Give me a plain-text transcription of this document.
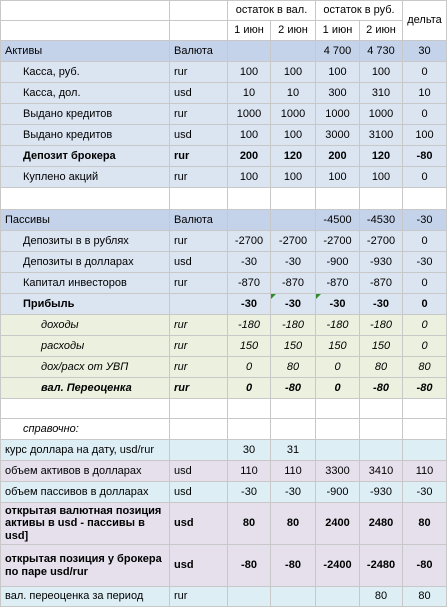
		остаток в вал.		остаток в руб.		дельта
		1 июн	2 июн	1 июн	2 июн	
Активы	Валюта			4 700	4 730	30
Касса, руб.	rur	100	100	100	100	0
Касса, дол.	usd	10	10	300	310	10
Выдано кредитов	rur	1000	1000	1000	1000	0
Выдано кредитов	usd	100	100	3000	3100	100
Депозит брокера	rur	200	120	200	120	-80
Куплено акций	rur	100	100	100	100	0

Пассивы	Валюта			-4500	-4530	-30
Депозиты в в рублях	rur	-2700	-2700	-2700	-2700	0
Депозиты в долларах	usd	-30	-30	-900	-930	-30
Капитал инвесторов	rur	-870	-870	-870	-870	0
Прибыль		-30	-30	-30	-30	0
доходы	rur	-180	-180	-180	-180	0
расходы	rur	150	150	150	150	0
дох/расх от УВП	rur	0	80	0	80	80
вал. Переоценка	rur	0	-80	0	-80	-80

справочно:						
курс доллара на дату, usd/rur		30	31			
объем активов в долларах	usd	110	110	3300	3410	110
объем пассивов в долларах	usd	-30	-30	-900	-930	-30
открытая валютная позиция активы в usd - пассивы в usd]	usd	80	80	2400	2480	80
открытая позиция у брокера по паре usd/rur	usd	-80	-80	-2400	-2480	-80
вал. переоценка за период	rur				80	80
